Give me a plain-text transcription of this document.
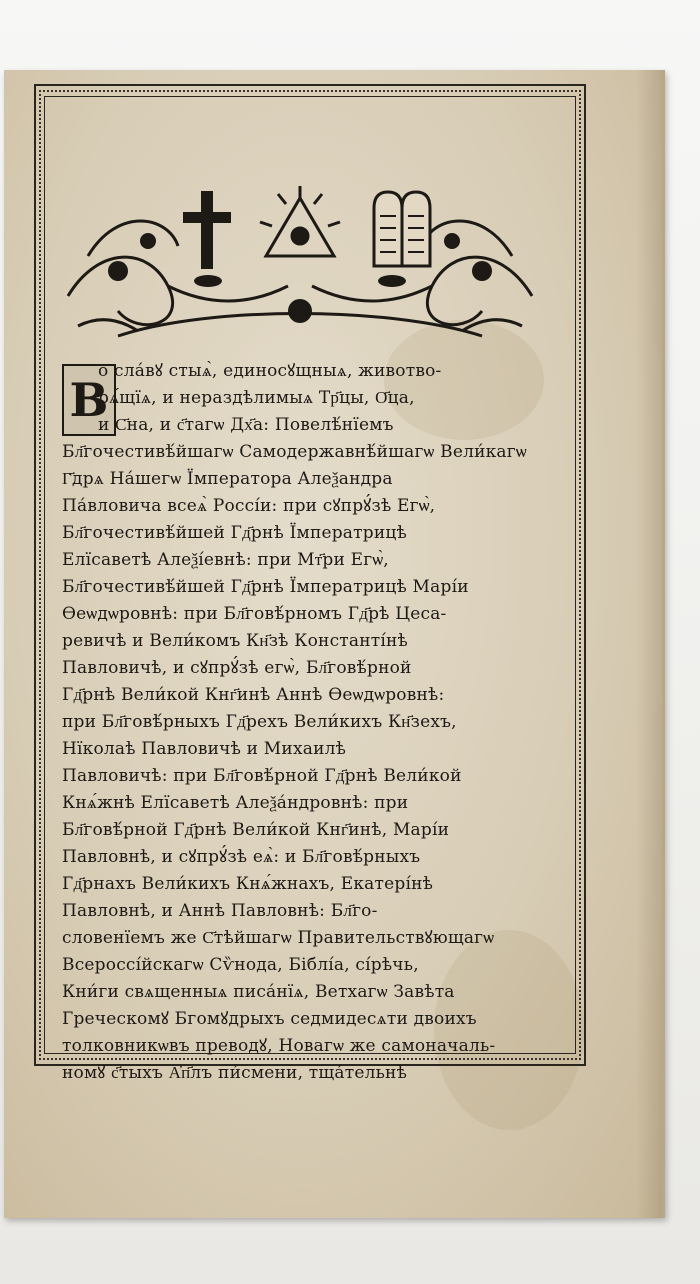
В
о сла́вꙋ стыѧ̀, единосꙋщныѧ, животво-
рѧ́щїѧ, и нераздѣлимыѧ Тр҃цы, О҃ца,
и С҃на, и с҃тагѡ Дх҃а: Повелѣ́нїемъ
Бл҃гочестивѣ́йшагѡ Самодержавнѣ́йшагѡ Вели́кагѡ
Г҃дрѧ На́шегѡ Їмператора Алеѯандра
Па́вловича всеѧ̀ Россі́и: при сꙋпрꙋ́зѣ Егѡ̀,
Бл҃гочестивѣ́йшей Гд҃рнѣ Їмператрицѣ
Елїсаветѣ Алеѯі́евнѣ: при Мт҃ри Егѡ̀,
Бл҃гочестивѣ́йшей Гд҃рнѣ Їмператрицѣ Марі́и
Ѳеѡдѡровнѣ: при Бл҃говѣ́рномъ Гд҃рѣ Цеса-
ревичѣ и Вели́комъ Кн҃зѣ Константі́нѣ
Павловичѣ, и сꙋпрꙋ́зѣ егѡ̀, Бл҃говѣ́рной
Гд҃рнѣ Вели́кой Кнг҃инѣ Аннѣ Ѳеѡдѡровнѣ:
при Бл҃говѣ́рныхъ Гд҃рехъ Вели́кихъ Кн҃зехъ,
Нїколаѣ Павловичѣ и Михаилѣ
Павловичѣ: при Бл҃говѣ́рной Гд҃рнѣ Вели́кой
Кнѧ́жнѣ Елїсаветѣ Алеѯа́ндровнѣ: при
Бл҃говѣ́рной Гд҃рнѣ Вели́кой Кнг҃инѣ, Марі́и
Павловнѣ, и сꙋпрꙋ́зѣ еѧ̀: и Бл҃говѣ́рныхъ
Гд҃рнахъ Вели́кихъ Кнѧ́жнахъ, Екатері́нѣ
Павловнѣ, и Аннѣ Павловнѣ: Бл҃го-
словенїемъ же С҃тѣйшагѡ Правительствꙋющагѡ
Всероссі́йскагѡ Сѷнода, Біблі́а, сі́рѣчь,
Кни́ги свѧщенныѧ писа́нїѧ, Ветхагѡ Завѣта
Греческомꙋ Бгомꙋдрыхъ седмидесѧти двоихъ
толковникѡвъ преводꙋ, Новагѡ же самоначаль-
номꙋ с҃тыхъ А҆п҃лъ пи́смени, тща́тельнѣ
